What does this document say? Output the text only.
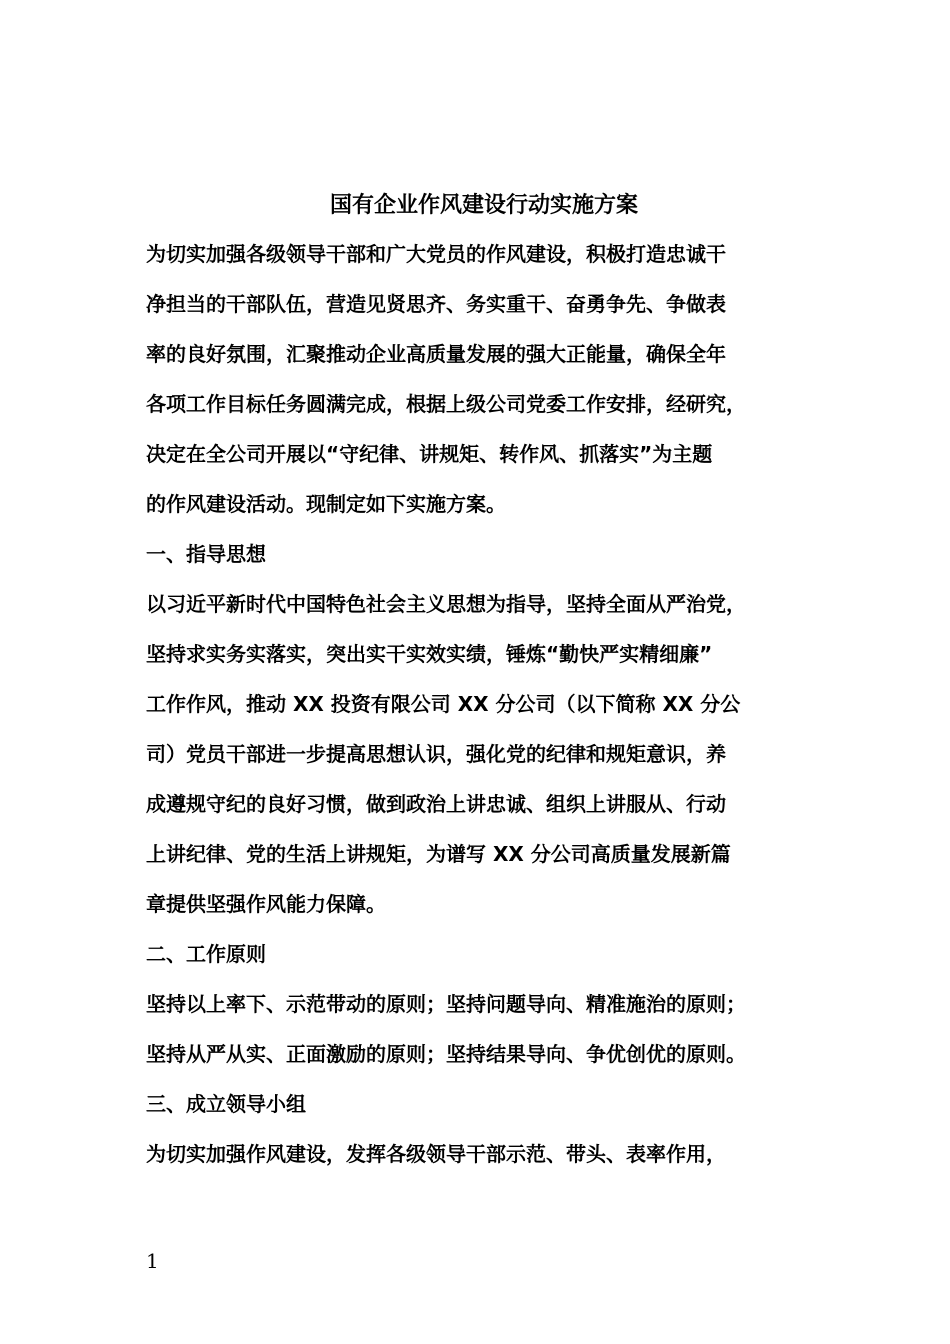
国有企业作风建设行动实施方案
为切实加强各级领导干部和广大党员的作风建设，积极打造忠诚干
净担当的干部队伍，营造见贤思齐、务实重干、奋勇争先、争做表
率的良好氛围，汇聚推动企业高质量发展的强大正能量，确保全年
各项工作目标任务圆满完成，根据上级公司党委工作安排，经研究，
决定在全公司开展以“守纪律、讲规矩、转作风、抓落实”为主题
的作风建设活动。现制定如下实施方案。
一、指导思想
以习近平新时代中国特色社会主义思想为指导，坚持全面从严治党，
坚持求实务实落实，突出实干实效实绩，锤炼“勤快严实精细廉”
工作作风，推动 XX 投资有限公司 XX 分公司（以下简称 XX 分公
司）党员干部进一步提高思想认识，强化党的纪律和规矩意识，养
成遵规守纪的良好习惯，做到政治上讲忠诚、组织上讲服从、行动
上讲纪律、党的生活上讲规矩，为谱写 XX 分公司高质量发展新篇
章提供坚强作风能力保障。
二、工作原则
坚持以上率下、示范带动的原则；坚持问题导向、精准施治的原则；
坚持从严从实、正面激励的原则；坚持结果导向、争优创优的原则。
三、成立领导小组
为切实加强作风建设，发挥各级领导干部示范、带头、表率作用，
1
